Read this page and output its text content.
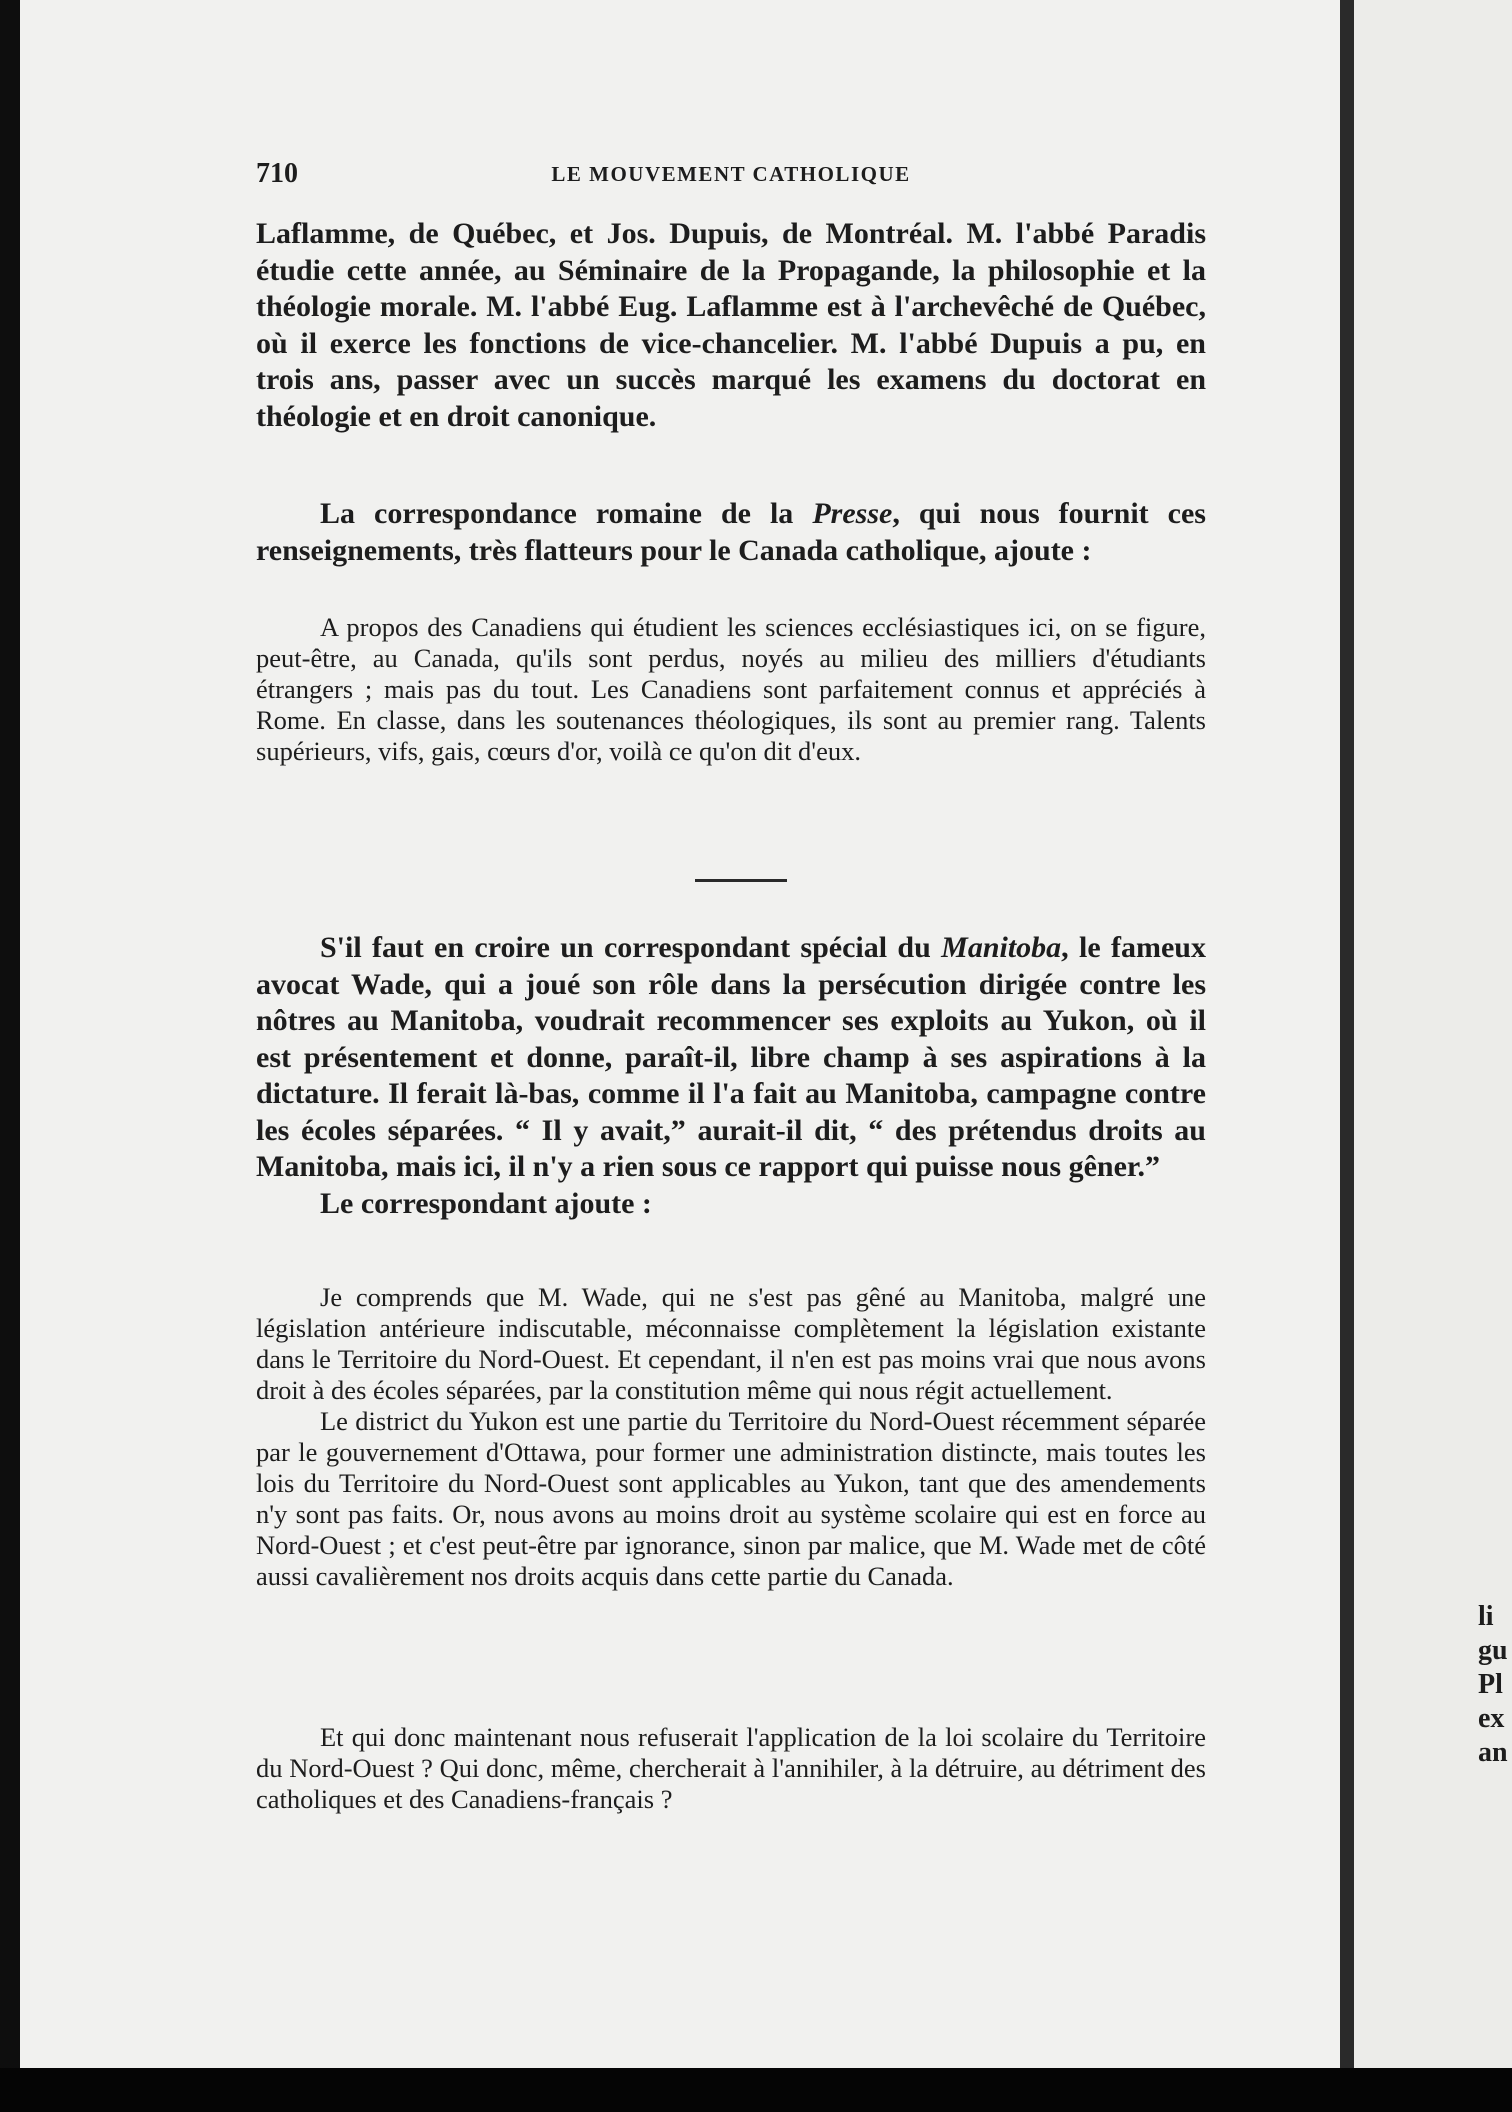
710	LE MOUVEMENT CATHOLIQUE

Laflamme, de Québec, et Jos. Dupuis, de Montréal. M. l'abbé Paradis étudie cette année, au Séminaire de la Propagande, la philosophie et la théologie morale. M. l'abbé Eug. Laflamme est à l'archevêché de Québec, où il exerce les fonctions de vice-chancelier. M. l'abbé Dupuis a pu, en trois ans, passer avec un succès marqué les examens du doctorat en théologie et en droit canonique.

La correspondance romaine de la Presse, qui nous fournit ces renseignements, très flatteurs pour le Canada catholique, ajoute :

A propos des Canadiens qui étudient les sciences ecclésiastiques ici, on se figure, peut-être, au Canada, qu'ils sont perdus, noyés au milieu des milliers d'étudiants étrangers ; mais pas du tout. Les Canadiens sont parfaitement connus et appréciés à Rome. En classe, dans les soutenances théologiques, ils sont au premier rang. Talents supérieurs, vifs, gais, cœurs d'or, voilà ce qu'on dit d'eux.

S'il faut en croire un correspondant spécial du Manitoba, le fameux avocat Wade, qui a joué son rôle dans la persécution dirigée contre les nôtres au Manitoba, voudrait recommencer ses exploits au Yukon, où il est présentement et donne, paraît-il, libre champ à ses aspirations à la dictature. Il ferait là-bas, comme il l'a fait au Manitoba, campagne contre les écoles séparées. “ Il y avait,” aurait-il dit, “ des prétendus droits au Manitoba, mais ici, il n'y a rien sous ce rapport qui puisse nous gêner.”

Le correspondant ajoute :

Je comprends que M. Wade, qui ne s'est pas gêné au Manitoba, malgré une législation antérieure indiscutable, méconnaisse complètement la législation existante dans le Territoire du Nord-Ouest. Et cependant, il n'en est pas moins vrai que nous avons droit à des écoles séparées, par la constitution même qui nous régit actuellement.

Le district du Yukon est une partie du Territoire du Nord-Ouest récemment séparée par le gouvernement d'Ottawa, pour former une administration distincte, mais toutes les lois du Territoire du Nord-Ouest sont applicables au Yukon, tant que des amendements n'y sont pas faits. Or, nous avons au moins droit au système scolaire qui est en force au Nord-Ouest ; et c'est peut-être par ignorance, sinon par malice, que M. Wade met de côté aussi cavalièrement nos droits acquis dans cette partie du Canada.

Et qui donc maintenant nous refuserait l'application de la loi scolaire du Territoire du Nord-Ouest ? Qui donc, même, chercherait à l'annihiler, à la détruire, au détriment des catholiques et des Canadiens-français ?

li
gu
Pl
ex
an
